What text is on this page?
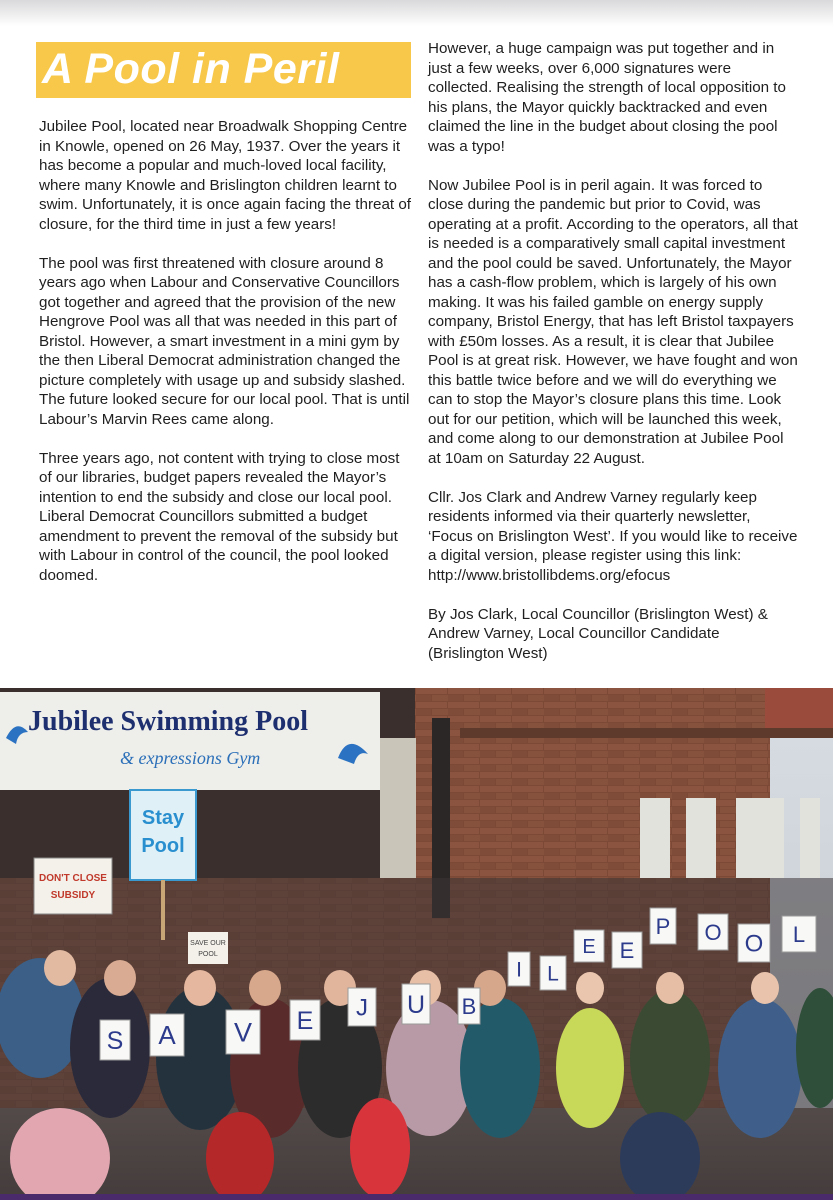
A Pool in Peril

Jubilee Pool, located near Broadwalk Shopping Centre in Knowle, opened on 26 May, 1937. Over the years it has become a popular and much-loved local facility, where many Knowle and Brislington children learnt to swim. Unfortunately, it is once again facing the threat of closure, for the third time in just a few years!

The pool was first threatened with closure around 8 years ago when Labour and Conservative Councillors got together and agreed that the provision of the new Hengrove Pool was all that was needed in this part of Bristol. However, a smart investment in a mini gym by the then Liberal Democrat administration changed the picture completely with usage up and subsidy slashed. The future looked secure for our local pool. That is until Labour’s Marvin Rees came along.

Three years ago, not content with trying to close most of our libraries, budget papers revealed the Mayor’s intention to end the subsidy and close our local pool. Liberal Democrat Councillors submitted a budget amendment to prevent the removal of the subsidy but with Labour in control of the council, the pool looked doomed.

However, a huge campaign was put together and in just a few weeks, over 6,000 signatures were collected. Realising the strength of local opposition to his plans, the Mayor quickly backtracked and even claimed the line in the budget about closing the pool was a typo!

Now Jubilee Pool is in peril again. It was forced to close during the pandemic but prior to Covid, was operating at a profit. According to the operators, all that is needed is a comparatively small capital investment and the pool could be saved. Unfortunately, the Mayor has a cash-flow problem, which is largely of his own making. It was his failed gamble on energy supply company, Bristol Energy, that has left Bristol taxpayers with £50m losses. As a result, it is clear that Jubilee Pool is at great risk. However, we have fought and won this battle twice before and we will do everything we can to stop the Mayor’s closure plans this time. Look out for our petition, which will be launched this week, and come along to our demonstration at Jubilee Pool at 10am on Saturday 22 August.

Cllr. Jos Clark and Andrew Varney regularly keep residents informed via their quarterly newsletter, ‘Focus on Brislington West’. If you would like to receive a digital version, please register using this link: http://www.bristollibdems.org/efocus

By Jos Clark, Local Councillor (Brislington West) & Andrew Varney, Local Councillor Candidate (Brislington West)

Jubilee Swimming Pool
& expressions Gym
Stay
Pool
DON'T CLOSE
SUBSIDY
SAVE OUR
POOL
S A V E J U B
I L
E E
P
O
O	L
